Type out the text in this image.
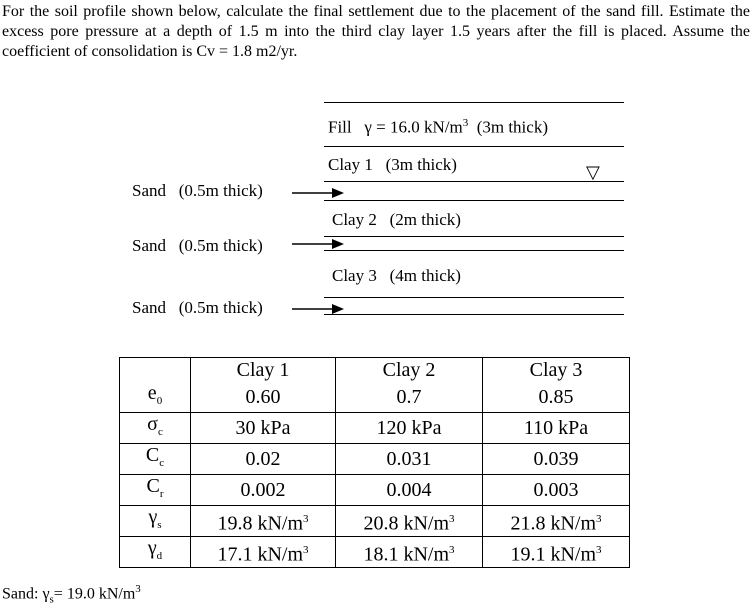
For the soil profile shown below, calculate the final settlement due to the placement of the sand fill. Estimate the excess pore pressure at a depth of 1.5 m into the third clay layer 1.5 years after the fill is placed. Assume the coefficient of consolidation is Cv = 1.8 m2/yr.
Fill γ = 16.0 $kN/m^3$ (3m thick)
Clay 1 (3m thick)	▽
Sand (0.5m thick)
Clay 2 (2m thick)
Sand (0.5m thick)
Clay 3 (4m thick)
Sand (0.5m thick)
	Clay 1	Clay 2	Clay 3
$e_0$	0.60	0.7	0.85
$\sigma_c$	30 kPa	120 kPa	110 kPa
$C_c$	0.02	0.031	0.039
$C_r$	0.002	0.004	0.003
$\gamma_s$	19.8 $kN/m^3$	20.8 $kN/m^3$	21.8 $kN/m^3$
$\gamma_d$	17.1 $kN/m^3$	18.1 $kN/m^3$	19.1 $kN/m^3$
Sand: $\gamma_s= 19.0$ $kN/m^3$
